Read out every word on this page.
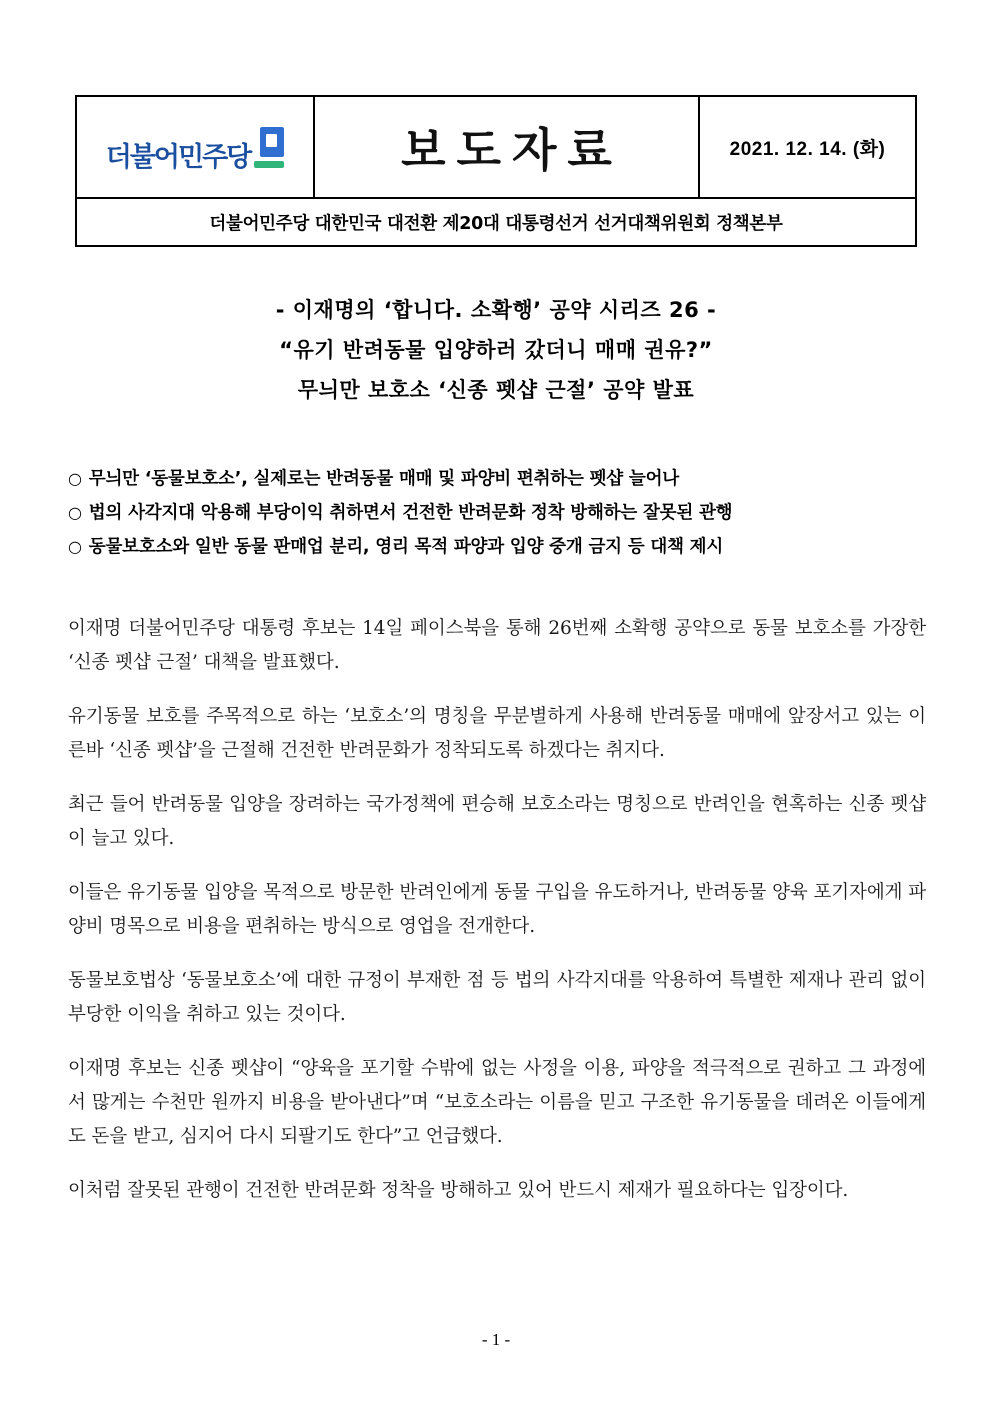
더불어민주당	보도자료	2021. 12. 14. (화)
더불어민주당 대한민국 대전환 제20대 대통령선거 선거대책위원회 정책본부
- 이재명의 ‘합니다. 소확행’ 공약 시리즈 26 -
“유기 반려동물 입양하러 갔더니 매매 권유?”
무늬만 보호소 ‘신종 펫샵 근절’ 공약 발표
○ 무늬만 ‘동물보호소’, 실제로는 반려동물 매매 및 파양비 편취하는 펫샵 늘어나
○ 법의 사각지대 악용해 부당이익 취하면서 건전한 반려문화 정착 방해하는 잘못된 관행
○ 동물보호소와 일반 동물 판매업 분리, 영리 목적 파양과 입양 중개 금지 등 대책 제시

이재명 더불어민주당 대통령 후보는 14일 페이스북을 통해 26번째 소확행 공약으로 동물 보호소를 가장한 ‘신종 펫샵 근절’ 대책을 발표했다.

유기동물 보호를 주목적으로 하는 ‘보호소’의 명칭을 무분별하게 사용해 반려동물 매매에 앞장서고 있는 이른바 ‘신종 펫샵’을 근절해 건전한 반려문화가 정착되도록 하겠다는 취지다.

최근 들어 반려동물 입양을 장려하는 국가정책에 편승해 보호소라는 명칭으로 반려인을 현혹하는 신종 펫샵이 늘고 있다.

이들은 유기동물 입양을 목적으로 방문한 반려인에게 동물 구입을 유도하거나, 반려동물 양육 포기자에게 파양비 명목으로 비용을 편취하는 방식으로 영업을 전개한다.

동물보호법상 ‘동물보호소’에 대한 규정이 부재한 점 등 법의 사각지대를 악용하여 특별한 제재나 관리 없이 부당한 이익을 취하고 있는 것이다.

이재명 후보는 신종 펫샵이 “양육을 포기할 수밖에 없는 사정을 이용, 파양을 적극적으로 권하고 그 과정에서 많게는 수천만 원까지 비용을 받아낸다”며 “보호소라는 이름을 믿고 구조한 유기동물을 데려온 이들에게도 돈을 받고, 심지어 다시 되팔기도 한다”고 언급했다.

이처럼 잘못된 관행이 건전한 반려문화 정착을 방해하고 있어 반드시 제재가 필요하다는 입장이다.

- 1 -
